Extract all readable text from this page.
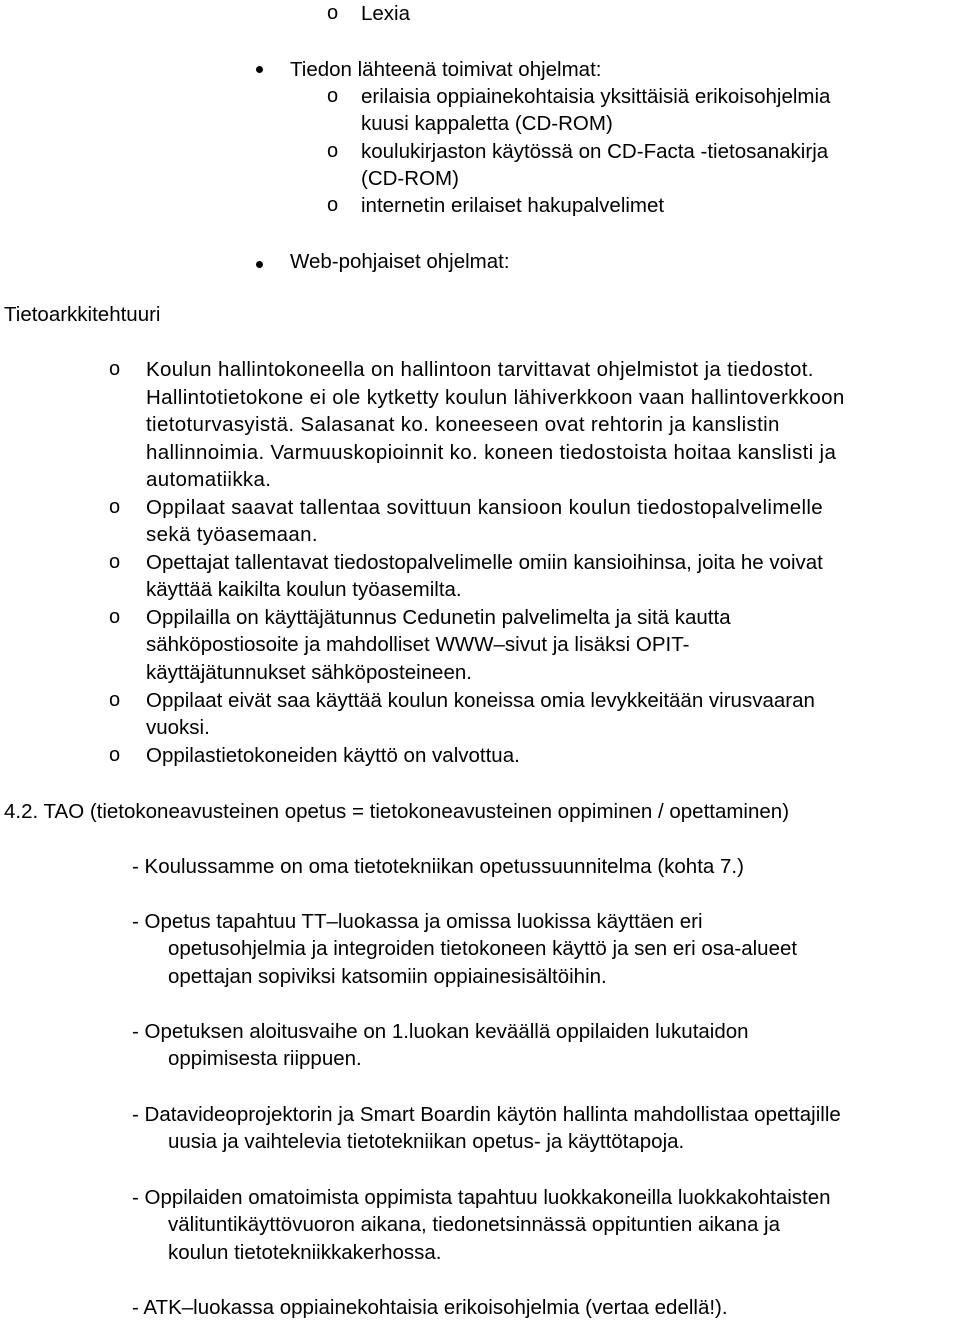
o Lexia
Tiedon lähteenä toimivat ohjelmat:
o erilaisia oppiainekohtaisia yksittäisiä erikoisohjelmia
kuusi kappaletta (CD-ROM)
o koulukirjaston käytössä on CD-Facta -tietosanakirja
(CD-ROM)
o internetin erilaiset hakupalvelimet
Web-pohjaiset ohjelmat:
Tietoarkkitehtuuri
o Koulun hallintokoneella on hallintoon tarvittavat ohjelmistot ja tiedostot.
Hallintotietokone ei ole kytketty koulun lähiverkkoon vaan hallintoverkkoon
tietoturvasyistä. Salasanat ko. koneeseen ovat rehtorin ja kanslistin
hallinnoimia. Varmuuskopioinnit ko. koneen tiedostoista hoitaa kanslisti ja
automatiikka.
o Oppilaat saavat tallentaa sovittuun kansioon koulun tiedostopalvelimelle
sekä työasemaan.
o Opettajat tallentavat tiedostopalvelimelle omiin kansioihinsa, joita he voivat
käyttää kaikilta koulun työasemilta.
o Oppilailla on käyttäjätunnus Cedunetin palvelimelta ja sitä kautta
sähköpostiosoite ja mahdolliset WWW–sivut ja lisäksi OPIT-
käyttäjätunnukset sähköposteineen.
o Oppilaat eivät saa käyttää koulun koneissa omia levykkeitään virusvaaran
vuoksi.
o Oppilastietokoneiden käyttö on valvottua.
4.2. TAO (tietokoneavusteinen opetus = tietokoneavusteinen oppiminen / opettaminen)
- Koulussamme on oma tietotekniikan opetussuunnitelma (kohta 7.)
- Opetus tapahtuu TT–luokassa ja omissa luokissa käyttäen eri
opetusohjelmia ja integroiden tietokoneen käyttö ja sen eri osa-alueet
opettajan sopiviksi katsomiin oppiainesisältöihin.
- Opetuksen aloitusvaihe on 1.luokan keväällä oppilaiden lukutaidon
oppimisesta riippuen.
- Datavideoprojektorin ja Smart Boardin käytön hallinta mahdollistaa opettajille
uusia ja vaihtelevia tietotekniikan opetus- ja käyttötapoja.
- Oppilaiden omatoimista oppimista tapahtuu luokkakoneilla luokkakohtaisten
välituntikäyttövuoron aikana, tiedonetsinnässä oppituntien aikana ja
koulun tietotekniikkakerhossa.
- ATK–luokassa oppiainekohtaisia erikoisohjelmia (vertaa edellä!).
